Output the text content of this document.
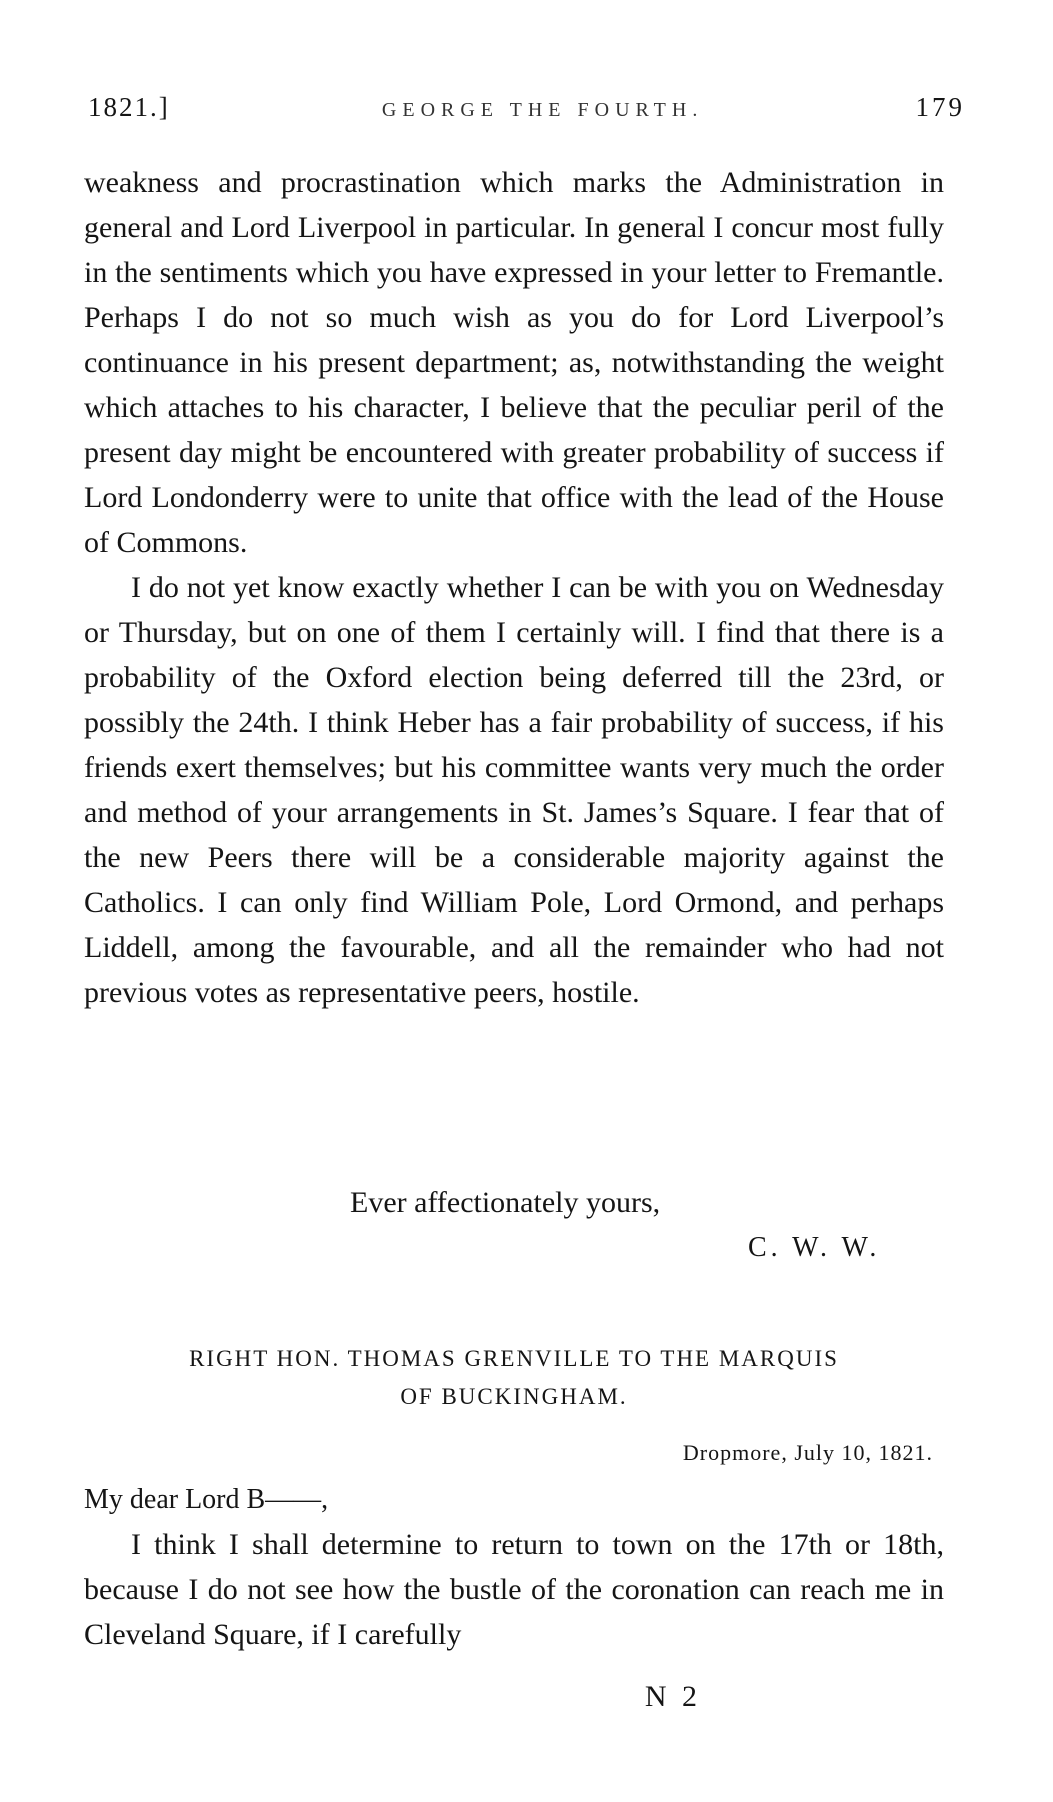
1821.]	GEORGE THE FOURTH.	179

weakness and procrastination which marks the Administration in general and Lord Liverpool in particular. In general I concur most fully in the sentiments which you have expressed in your letter to Fremantle. Perhaps I do not so much wish as you do for Lord Liverpool’s continuance in his present department; as, notwithstanding the weight which attaches to his character, I believe that the peculiar peril of the present day might be encountered with greater probability of success if Lord Londonderry were to unite that office with the lead of the House of Commons.

I do not yet know exactly whether I can be with you on Wednesday or Thursday, but on one of them I certainly will. I find that there is a probability of the Oxford election being deferred till the 23rd, or possibly the 24th. I think Heber has a fair probability of success, if his friends exert themselves; but his committee wants very much the order and method of your arrangements in St. James’s Square. I fear that of the new Peers there will be a considerable majority against the Catholics. I can only find William Pole, Lord Ormond, and perhaps Liddell, among the favourable, and all the remainder who had not previous votes as representative peers, hostile.

Ever affectionately yours,
C. W. W.
RIGHT HON. THOMAS GRENVILLE TO THE MARQUIS
OF BUCKINGHAM.
Dropmore, July 10, 1821.
My dear Lord B——,

I think I shall determine to return to town on the 17th or 18th, because I do not see how the bustle of the coronation can reach me in Cleveland Square, if I carefully

N 2
